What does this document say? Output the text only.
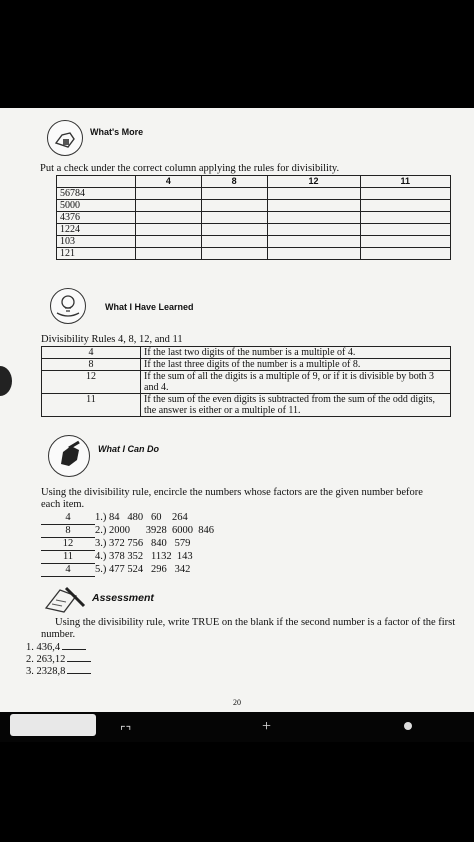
What's More
Put a check under the correct column applying the rules for divisibility.
	4	8	12	11
56784				
5000				
4376				
1224				
103				
121				
What I Have Learned
Divisibility Rules 4, 8, 12, and 11
4	If the last two digits of the number is a multiple of 4.
8	If the last three digits of the number is a multiple of 8.
12	If the sum of all the digits is a multiple of 9, or if it is divisible by both 3 and 4.
11	If the sum of the even digits is subtracted from the sum of the odd digits, the answer is either or a multiple of 11.
What I Can Do
Using the divisibility rule, encircle the numbers whose factors are the given number before each item.
4 1.) 84   480   60    264
8 2.) 2000      3928  6000  846
12 3.) 372 756   840   579
11 4.) 378 352   1132  143
4 5.) 477 524   296   342
Assessment
Using the divisibility rule, write TRUE on the blank if the second number is a factor of the first number.
1. 436,4
2. 263,12
3. 2328,8
20
⌜⌝	+
